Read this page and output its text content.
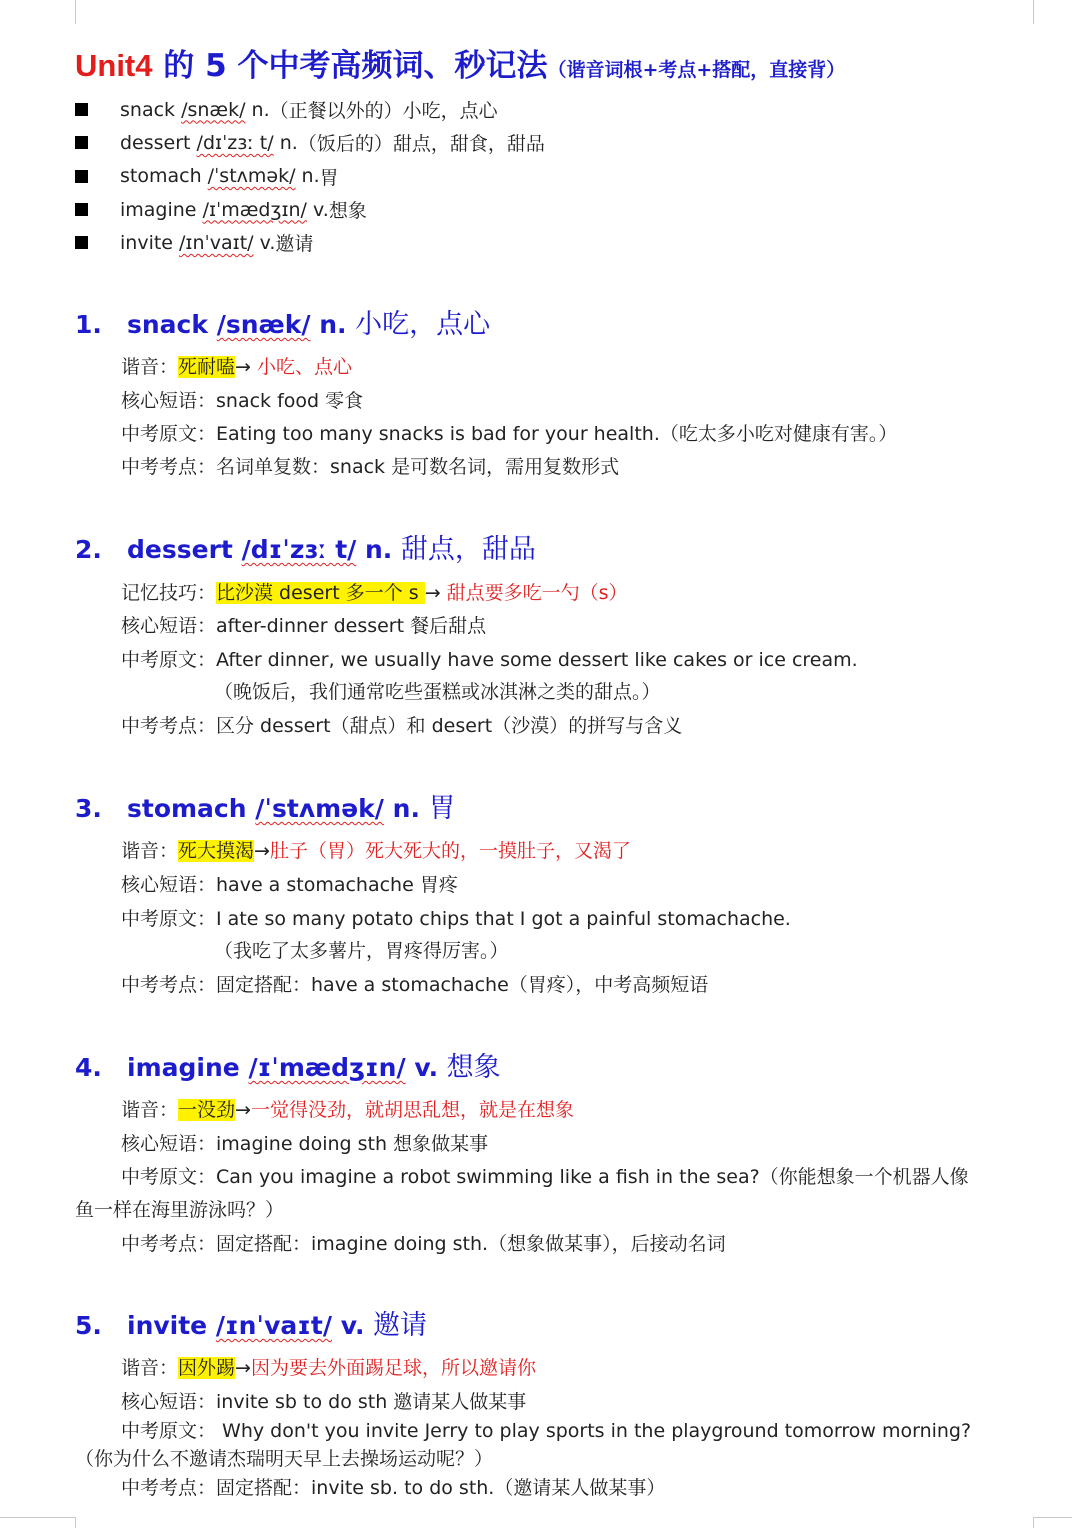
Unit4 的 5 个中考高频词、秒记法（谐音词根+考点+搭配，直接背）
snack
/snæk/
n. （正餐以外的）小吃，点心
dessert
/dɪˈzɜː t/
n. （饭后的）甜点，甜食，甜品
stomach
/ˈstʌmək/
n. 胃
imagine
/ɪˈmædʒɪn/
v. 想象
invite
/ɪnˈvaɪt/
v. 邀请
1. snack /snæk/ n. 小吃，点心
谐音：死耐嗑→ 小吃、点心
核心短语：snack food 零食
中考原文：Eating too many snacks is bad for your health.（吃太多小吃对健康有害。）
中考考点：名词单复数：snack 是可数名词，需用复数形式
2. dessert /dɪˈzɜː t/ n. 甜点，甜品
记忆技巧：比沙漠 desert 多一个 s → 甜点要多吃一勺（s）
核心短语：after-dinner dessert 餐后甜点
中考原文：After dinner, we usually have some dessert like cakes or ice cream.
（晚饭后，我们通常吃些蛋糕或冰淇淋之类的甜点。）
中考考点：区分 dessert（甜点）和 desert（沙漠）的拼写与含义
3. stomach /ˈstʌmək/ n. 胃
谐音：死大摸渴→肚子（胃）死大死大的，一摸肚子，又渴了
核心短语：have a stomachache 胃疼
中考原文：I ate so many potato chips that I got a painful stomachache.
（我吃了太多薯片，胃疼得厉害。）
中考考点：固定搭配：have a stomachache（胃疼），中考高频短语
4. imagine /ɪˈmædʒɪn/ v. 想象
谐音：一没劲→一觉得没劲，就胡思乱想，就是在想象
核心短语：imagine doing sth 想象做某事
中考原文：Can you imagine a robot swimming like a fish in the sea?（你能想象一个机器人像鱼一样在海里游泳吗？）
中考考点：固定搭配：imagine doing sth.（想象做某事），后接动名词
5. invite /ɪnˈvaɪt/ v. 邀请
谐音：因外踢→因为要去外面踢足球，所以邀请你
核心短语：invite sb to do sth 邀请某人做某事
中考原文： Why don't you invite Jerry to play sports in the playground tomorrow morning?（你为什么不邀请杰瑞明天早上去操场运动呢？）
中考考点：固定搭配：invite sb. to do sth.（邀请某人做某事）
